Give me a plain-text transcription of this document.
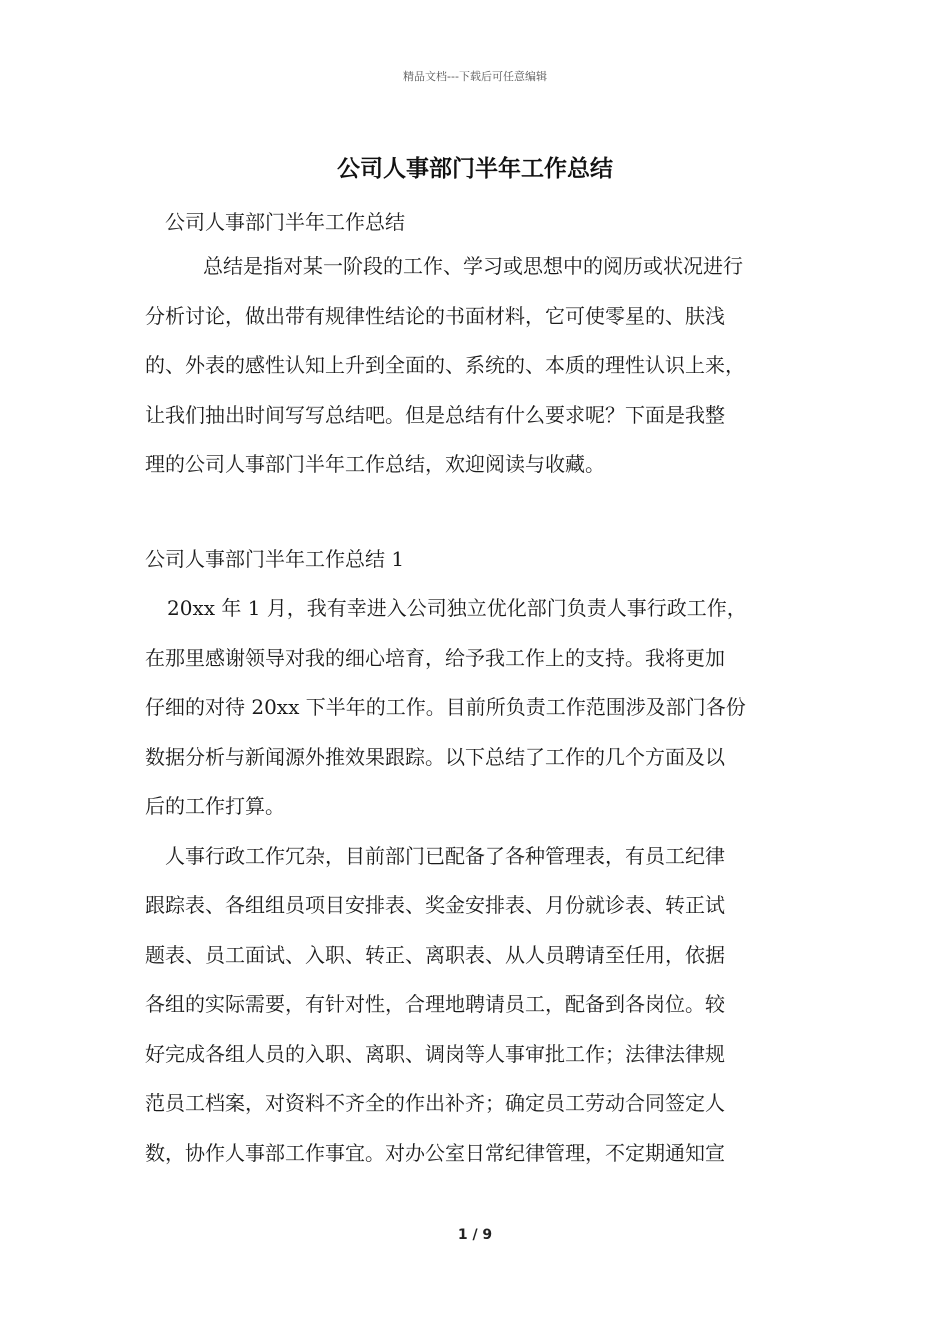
精品文档---下载后可任意编辑
公司人事部门半年工作总结
公司人事部门半年工作总结
总结是指对某一阶段的工作、学习或思想中的阅历或状况进行
分析讨论，做出带有规律性结论的书面材料，它可使零星的、肤浅
的、外表的感性认知上升到全面的、系统的、本质的理性认识上来，
让我们抽出时间写写总结吧。但是总结有什么要求呢？下面是我整
理的公司人事部门半年工作总结，欢迎阅读与收藏。
公司人事部门半年工作总结 1
20xx 年 1 月，我有幸进入公司独立优化部门负责人事行政工作，
在那里感谢领导对我的细心培育，给予我工作上的支持。我将更加
仔细的对待 20xx 下半年的工作。目前所负责工作范围涉及部门各份
数据分析与新闻源外推效果跟踪。以下总结了工作的几个方面及以
后的工作打算。
人事行政工作冗杂，目前部门已配备了各种管理表，有员工纪律
跟踪表、各组组员项目安排表、奖金安排表、月份就诊表、转正试
题表、员工面试、入职、转正、离职表、从人员聘请至任用，依据
各组的实际需要，有针对性，合理地聘请员工，配备到各岗位。较
好完成各组人员的入职、离职、调岗等人事审批工作；法律法律规
范员工档案，对资料不齐全的作出补齐；确定员工劳动合同签定人
数，协作人事部工作事宜。对办公室日常纪律管理，不定期通知宣
1 / 9
